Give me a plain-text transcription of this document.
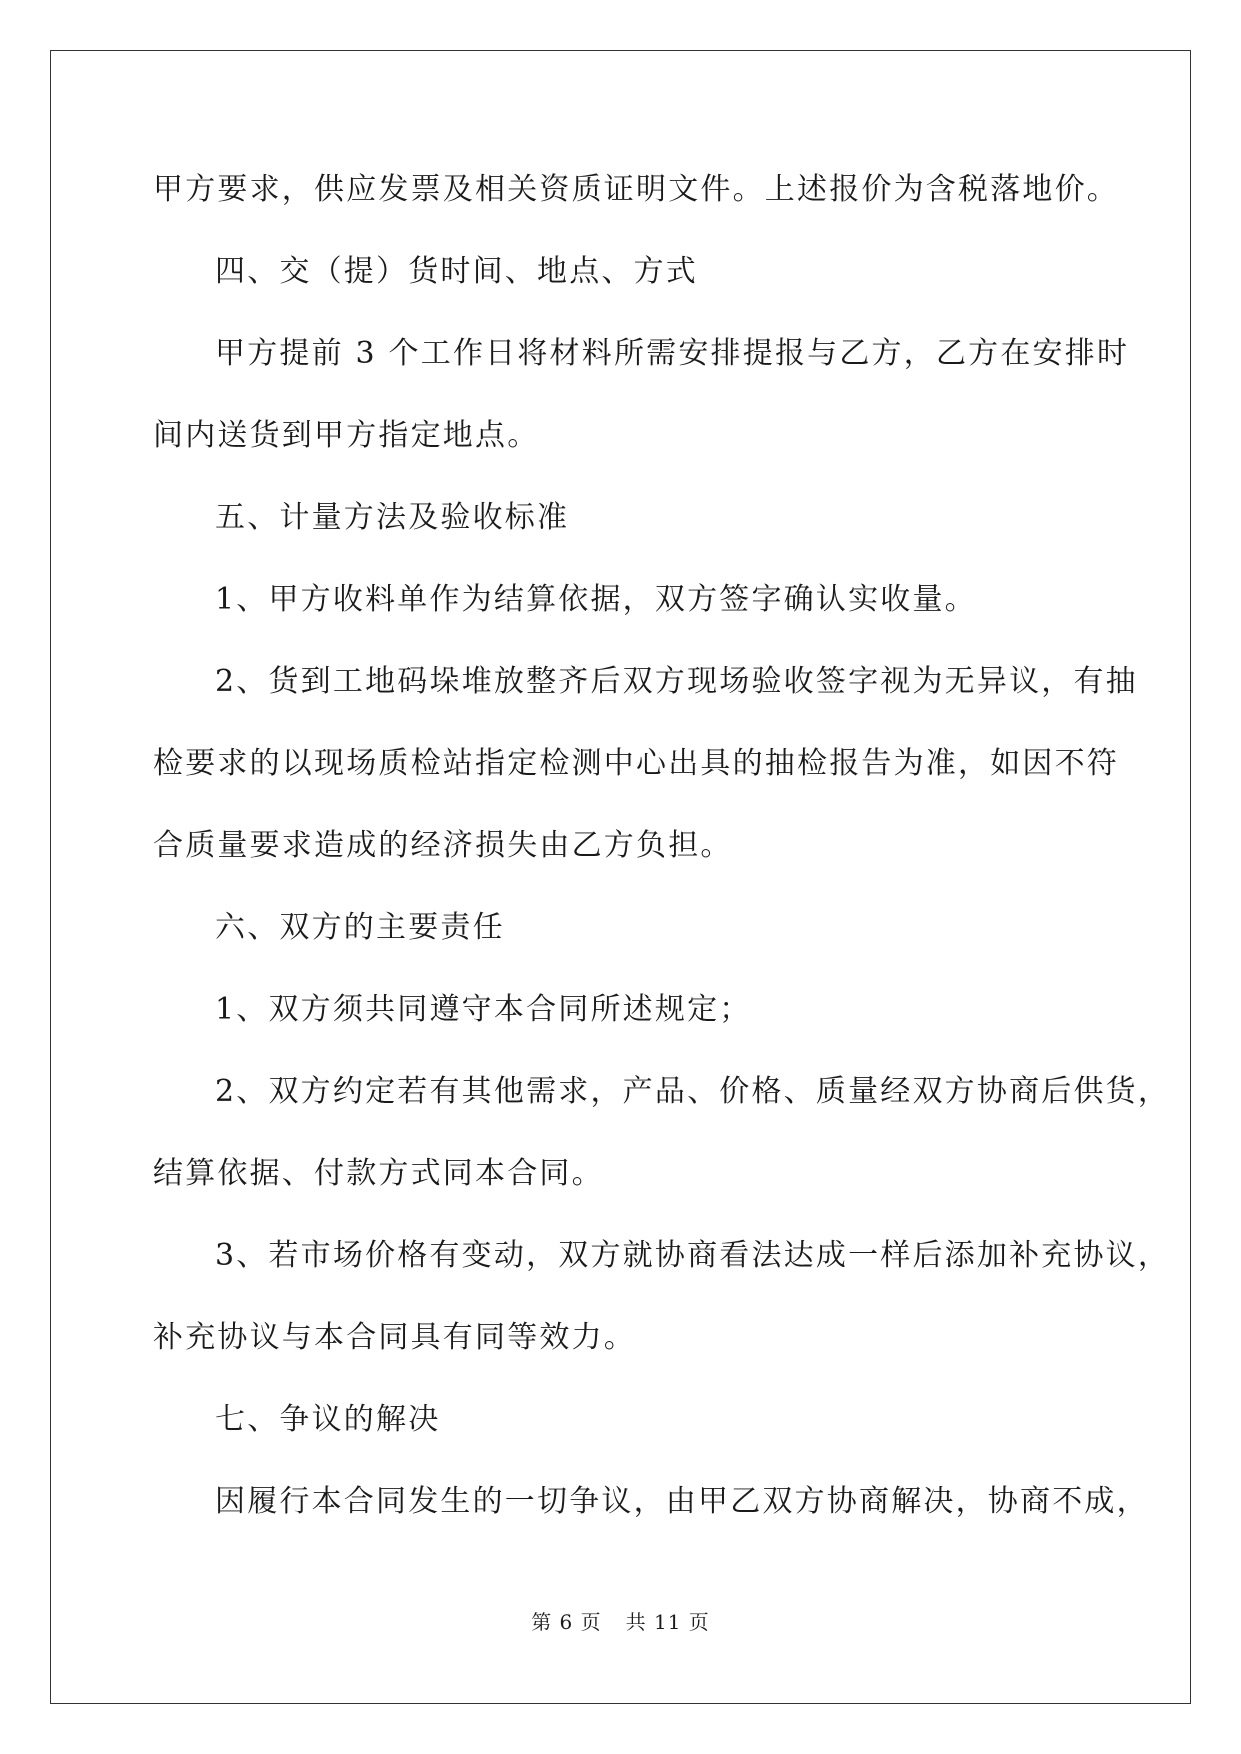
甲方要求，供应发票及相关资质证明文件。上述报价为含税落地价。
四、交（提）货时间、地点、方式
甲方提前 3 个工作日将材料所需安排提报与乙方，乙方在安排时
间内送货到甲方指定地点。
五、计量方法及验收标准
1、甲方收料单作为结算依据，双方签字确认实收量。
2、货到工地码垛堆放整齐后双方现场验收签字视为无异议，有抽
检要求的以现场质检站指定检测中心出具的抽检报告为准，如因不符
合质量要求造成的经济损失由乙方负担。
六、双方的主要责任
1、双方须共同遵守本合同所述规定；
2、双方约定若有其他需求，产品、价格、质量经双方协商后供货，
结算依据、付款方式同本合同。
3、若市场价格有变动，双方就协商看法达成一样后添加补充协议，
补充协议与本合同具有同等效力。
七、争议的解决
因履行本合同发生的一切争议，由甲乙双方协商解决，协商不成，
第 6 页 共 11 页
